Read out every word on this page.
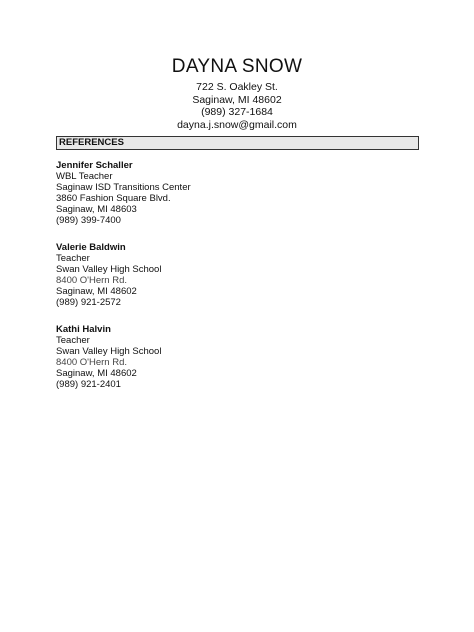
DAYNA SNOW
722 S. Oakley St.
Saginaw, MI 48602
(989) 327-1684
dayna.j.snow@gmail.com
REFERENCES
Jennifer Schaller
WBL Teacher
Saginaw ISD Transitions Center
3860 Fashion Square Blvd.
Saginaw, MI 48603
(989) 399-7400
Valerie Baldwin
Teacher
Swan Valley High School
8400 O'Hern Rd.
Saginaw, MI 48602
(989) 921-2572
Kathi Halvin
Teacher
Swan Valley High School
8400 O'Hern Rd.
Saginaw, MI 48602
(989) 921-2401
